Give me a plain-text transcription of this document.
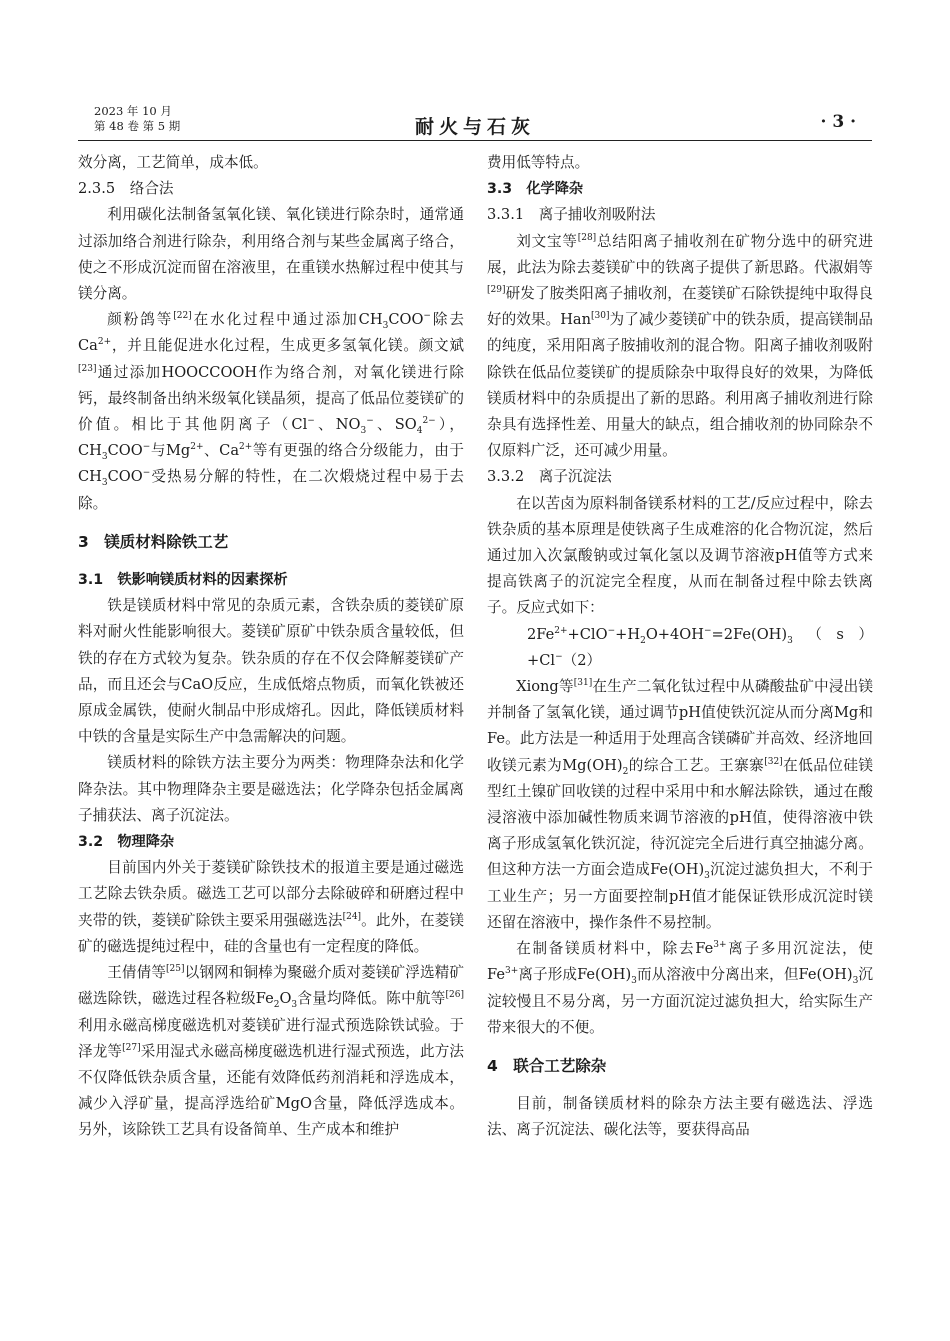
2023 年 10 月
第 48 卷 第 5 期	耐火与石灰	· 3 ·

效分离，工艺简单，成本低。

2.3.5　络合法

利用碳化法制备氢氧化镁、氧化镁进行除杂时，通常通过添加络合剂进行除杂，利用络合剂与某些金属离子络合，使之不形成沉淀而留在溶液里，在重镁水热解过程中使其与镁分离。

颜粉鸽等[22]在水化过程中通过添加$CH_3COO^-$除去$Ca^{2+}$，并且能促进水化过程，生成更多氢氧化镁。颜文斌[23]通过添加HOOCCOOH作为络合剂，对氧化镁进行除钙，最终制备出纳米级氧化镁晶须，提高了低品位菱镁矿的价值。相比于其他阴离子（Cl−、$NO_3^-$、$SO_4^{2-}$），$CH_3COO^-$与$Mg^{2+}$、$Ca^{2+}$等有更强的络合分级能力，由于$CH_3COO^-$受热易分解的特性，在二次煅烧过程中易于去除。

3　镁质材料除铁工艺

3.1　铁影响镁质材料的因素探析

铁是镁质材料中常见的杂质元素，含铁杂质的菱镁矿原料对耐火性能影响很大。菱镁矿原矿中铁杂质含量较低，但铁的存在方式较为复杂。铁杂质的存在不仅会降解菱镁矿产品，而且还会与CaO反应，生成低熔点物质，而氧化铁被还原成金属铁，使耐火制品中形成熔孔。因此，降低镁质材料中铁的含量是实际生产中急需解决的问题。

镁质材料的除铁方法主要分为两类：物理降杂法和化学降杂法。其中物理降杂主要是磁选法；化学降杂包括金属离子捕获法、离子沉淀法。

3.2　物理降杂

目前国内外关于菱镁矿除铁技术的报道主要是通过磁选工艺除去铁杂质。磁选工艺可以部分去除破碎和研磨过程中夹带的铁，菱镁矿除铁主要采用强磁选法[24]。此外，在菱镁矿的磁选提纯过程中，硅的含量也有一定程度的降低。

王倩倩等[25]以钢网和铜棒为聚磁介质对菱镁矿浮选精矿磁选除铁，磁选过程各粒级$Fe_2O_3$含量均降低。陈中航等[26]利用永磁高梯度磁选机对菱镁矿进行湿式预选除铁试验。于泽龙等[27]采用湿式永磁高梯度磁选机进行湿式预选，此方法不仅降低铁杂质含量，还能有效降低药剂消耗和浮选成本，减少入浮矿量，提高浮选给矿MgO含量，降低浮选成本。另外，该除铁工艺具有设备简单、生产成本和维护

费用低等特点。

3.3　化学降杂

3.3.1　离子捕收剂吸附法

刘文宝等[28]总结阳离子捕收剂在矿物分选中的研究进展，此法为除去菱镁矿中的铁离子提供了新思路。代淑娟等[29]研发了胺类阳离子捕收剂，在菱镁矿石除铁提纯中取得良好的效果。Han[30]为了减少菱镁矿中的铁杂质，提高镁制品的纯度，采用阳离子胺捕收剂的混合物。阳离子捕收剂吸附除铁在低品位菱镁矿的提质除杂中取得良好的效果，为降低镁质材料中的杂质提出了新的思路。利用离子捕收剂进行除杂具有选择性差、用量大的缺点，组合捕收剂的协同除杂不仅原料广泛，还可减少用量。

3.3.2　离子沉淀法

在以苦卤为原料制备镁系材料的工艺/反应过程中，除去铁杂质的基本原理是使铁离子生成难溶的化合物沉淀，然后通过加入次氯酸钠或过氧化氢以及调节溶液pH值等方式来提高铁离子的沉淀完全程度，从而在制备过程中除去铁离子。反应式如下：

$2Fe^{2+}+ClO^-+H_2O+4OH^-=2Fe(OH)_3(s)+Cl^-(2)$

Xiong等[31]在生产二氧化钛过程中从磷酸盐矿中浸出镁并制备了氢氧化镁，通过调节pH值使铁沉淀从而分离Mg和Fe。此方法是一种适用于处理高含镁磷矿并高效、经济地回收镁元素为$Mg(OH)_2$的综合工艺。王寨寨[32]在低品位硅镁型红土镍矿回收镁的过程中采用中和水解法除铁，通过在酸浸溶液中添加碱性物质来调节溶液的pH值，使得溶液中铁离子形成氢氧化铁沉淀，待沉淀完全后进行真空抽滤分离。但这种方法一方面会造成$Fe(OH)_3$沉淀过滤负担大，不利于工业生产；另一方面要控制pH值才能保证铁形成沉淀时镁还留在溶液中，操作条件不易控制。

在制备镁质材料中，除去$Fe^{3+}$离子多用沉淀法，使$Fe^{3+}$离子形成$Fe(OH)_3$而从溶液中分离出来，但$Fe(OH)_3$沉淀较慢且不易分离，另一方面沉淀过滤负担大，给实际生产带来很大的不便。

4　联合工艺除杂

目前，制备镁质材料的除杂方法主要有磁选法、浮选法、离子沉淀法、碳化法等，要获得高品
